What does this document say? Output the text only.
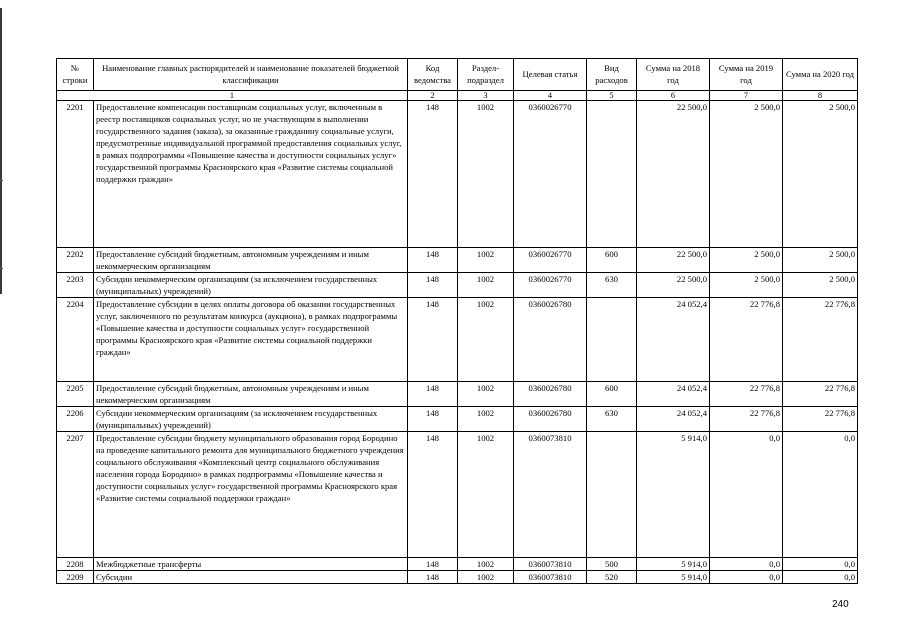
№ строки	Наименование главных распорядителей и наименование показателей бюджетной классификации	Код ведомства	Раздел-подраздел	Целевая статья	Вид расходов	Сумма на 2018 год	Сумма на 2019 год	Сумма на 2020 год
1		2	3	4	5	6	7	8
2201	Предоставление компенсации поставщикам социальных услуг, включенным в реестр поставщиков социальных услуг, но не участвующим в выполнении государственного задания (заказа), за оказанные гражданину социальные услуги, предусмотренные индивидуальной программой предоставления социальных услуг, в рамках подпрограммы «Повышение качества и доступности социальных услуг» государственной программы Красноярского края «Развитие системы социальной поддержки граждан»	148	1002	0360026770		22 500,0	2 500,0	2 500,0
2202	Предоставление субсидий бюджетным, автономным учреждениям и иным некоммерческим организациям	148	1002	0360026770	600	22 500,0	2 500,0	2 500,0
2203	Субсидии некоммерческим организациям (за исключением государственных (муниципальных) учреждений)	148	1002	0360026770	630	22 500,0	2 500,0	2 500,0
2204	Предоставление субсидии в целях оплаты договора об оказании государственных услуг, заключенного по результатам конкурса (аукциона), в рамках подпрограммы «Повышение качества и доступности социальных услуг» государственной программы Красноярского края «Развитие системы социальной поддержки граждан»	148	1002	0360026780		24 052,4	22 776,8	22 776,8
2205	Предоставление субсидий бюджетным, автономным учреждениям и иным некоммерческим организациям	148	1002	0360026780	600	24 052,4	22 776,8	22 776,8
2206	Субсидии некоммерческим организациям (за исключением государственных (муниципальных) учреждений)	148	1002	0360026780	630	24 052,4	22 776,8	22 776,8
2207	Предоставление субсидии бюджету муниципального образования город Бородино на проведение капитального ремонта для муниципального бюджетного учреждения социального обслуживания «Комплексный центр социального обслуживания населения города Бородино» в рамках подпрограммы «Повышение качества и доступности социальных услуг» государственной программы Красноярского края «Развитие системы социальной поддержки граждан»	148	1002	0360073810		5 914,0	0,0	0,0
2208	Межбюджетные трансферты	148	1002	0360073810	500	5 914,0	0,0	0,0
2209	Субсидии	148	1002	0360073810	520	5 914,0	0,0	0,0
240
